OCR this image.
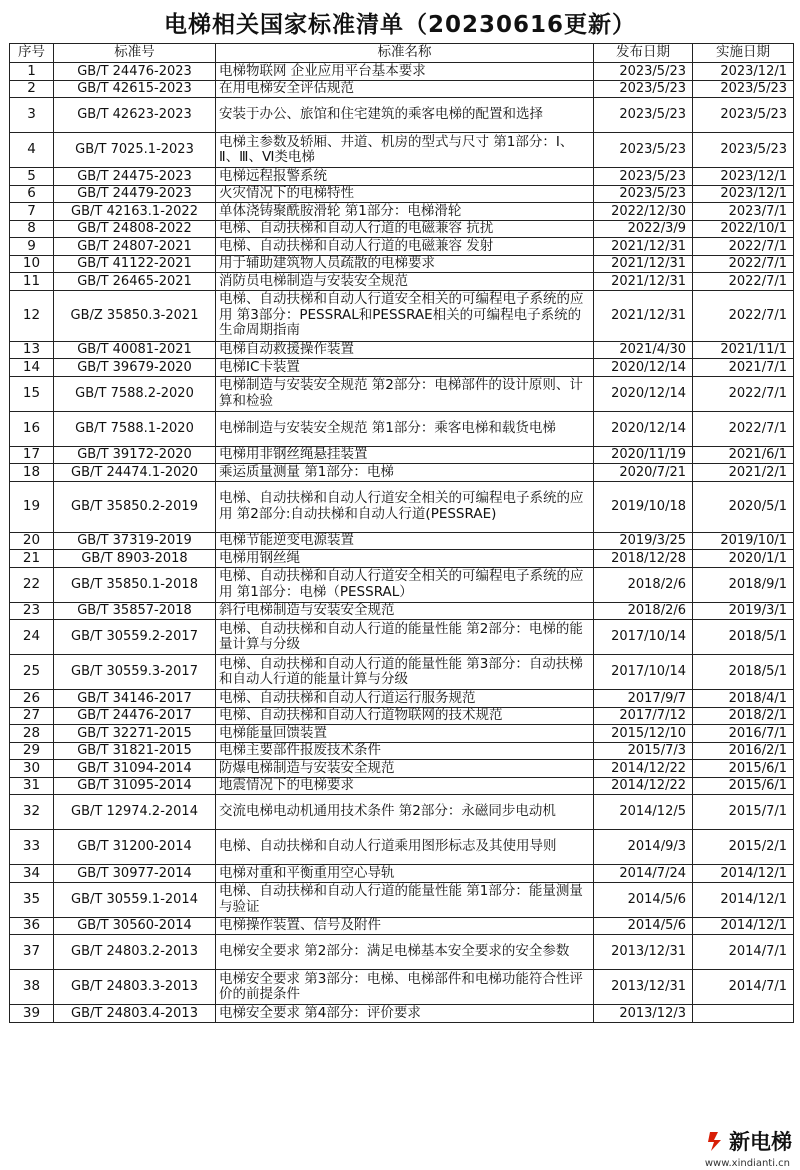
电梯相关国家标准清单（20230616更新）
序号	标准号	标准名称	发布日期	实施日期
1	GB/T 24476-2023	电梯物联网 企业应用平台基本要求	2023/5/23	2023/12/1
2	GB/T 42615-2023	在用电梯安全评估规范	2023/5/23	2023/5/23
3	GB/T 42623-2023	安装于办公、旅馆和住宅建筑的乘客电梯的配置和选择	2023/5/23	2023/5/23
4	GB/T 7025.1-2023	电梯主参数及轿厢、井道、机房的型式与尺寸 第1部分：Ⅰ、Ⅱ、Ⅲ、Ⅵ类电梯	2023/5/23	2023/5/23
5	GB/T 24475-2023	电梯远程报警系统	2023/5/23	2023/12/1
6	GB/T 24479-2023	火灾情况下的电梯特性	2023/5/23	2023/12/1
7	GB/T 42163.1-2022	单体浇铸聚酰胺滑轮 第1部分：电梯滑轮	2022/12/30	2023/7/1
8	GB/T 24808-2022	电梯、自动扶梯和自动人行道的电磁兼容 抗扰	2022/3/9	2022/10/1
9	GB/T 24807-2021	电梯、自动扶梯和自动人行道的电磁兼容 发射	2021/12/31	2022/7/1
10	GB/T 41122-2021	用于辅助建筑物人员疏散的电梯要求	2021/12/31	2022/7/1
11	GB/T 26465-2021	消防员电梯制造与安装安全规范	2021/12/31	2022/7/1
12	GB/Z 35850.3-2021	电梯、自动扶梯和自动人行道安全相关的可编程电子系统的应用 第3部分：PESSRAL和PESSRAE相关的可编程电子系统的生命周期指南	2021/12/31	2022/7/1
13	GB/T 40081-2021	电梯自动救援操作装置	2021/4/30	2021/11/1
14	GB/T 39679-2020	电梯IC卡装置	2020/12/14	2021/7/1
15	GB/T 7588.2-2020	电梯制造与安装安全规范 第2部分：电梯部件的设计原则、计算和检验	2020/12/14	2022/7/1
16	GB/T 7588.1-2020	电梯制造与安装安全规范 第1部分：乘客电梯和载货电梯	2020/12/14	2022/7/1
17	GB/T 39172-2020	电梯用非钢丝绳悬挂装置	2020/11/19	2021/6/1
18	GB/T 24474.1-2020	乘运质量测量 第1部分：电梯	2020/7/21	2021/2/1
19	GB/T 35850.2-2019	电梯、自动扶梯和自动人行道安全相关的可编程电子系统的应用 第2部分:自动扶梯和自动人行道(PESSRAE)	2019/10/18	2020/5/1
20	GB/T 37319-2019	电梯节能逆变电源装置	2019/3/25	2019/10/1
21	GB/T 8903-2018	电梯用钢丝绳	2018/12/28	2020/1/1
22	GB/T 35850.1-2018	电梯、自动扶梯和自动人行道安全相关的可编程电子系统的应用 第1部分：电梯（PESSRAL）	2018/2/6	2018/9/1
23	GB/T 35857-2018	斜行电梯制造与安装安全规范	2018/2/6	2019/3/1
24	GB/T 30559.2-2017	电梯、自动扶梯和自动人行道的能量性能 第2部分：电梯的能量计算与分级	2017/10/14	2018/5/1
25	GB/T 30559.3-2017	电梯、自动扶梯和自动人行道的能量性能 第3部分：自动扶梯和自动人行道的能量计算与分级	2017/10/14	2018/5/1
26	GB/T 34146-2017	电梯、自动扶梯和自动人行道运行服务规范	2017/9/7	2018/4/1
27	GB/T 24476-2017	电梯、自动扶梯和自动人行道物联网的技术规范	2017/7/12	2018/2/1
28	GB/T 32271-2015	电梯能量回馈装置	2015/12/10	2016/7/1
29	GB/T 31821-2015	电梯主要部件报废技术条件	2015/7/3	2016/2/1
30	GB/T 31094-2014	防爆电梯制造与安装安全规范	2014/12/22	2015/6/1
31	GB/T 31095-2014	地震情况下的电梯要求	2014/12/22	2015/6/1
32	GB/T 12974.2-2014	交流电梯电动机通用技术条件 第2部分：永磁同步电动机	2014/12/5	2015/7/1
33	GB/T 31200-2014	电梯、自动扶梯和自动人行道乘用图形标志及其使用导则	2014/9/3	2015/2/1
34	GB/T 30977-2014	电梯对重和平衡重用空心导轨	2014/7/24	2014/12/1
35	GB/T 30559.1-2014	电梯、自动扶梯和自动人行道的能量性能 第1部分：能量测量与验证	2014/5/6	2014/12/1
36	GB/T 30560-2014	电梯操作装置、信号及附件	2014/5/6	2014/12/1
37	GB/T 24803.2-2013	电梯安全要求 第2部分：满足电梯基本安全要求的安全参数	2013/12/31	2014/7/1
38	GB/T 24803.3-2013	电梯安全要求 第3部分：电梯、电梯部件和电梯功能符合性评价的前提条件	2013/12/31	2014/7/1
39	GB/T 24803.4-2013	电梯安全要求 第4部分：评价要求	2013/12/3	
新电梯
www.xindianti.cn
